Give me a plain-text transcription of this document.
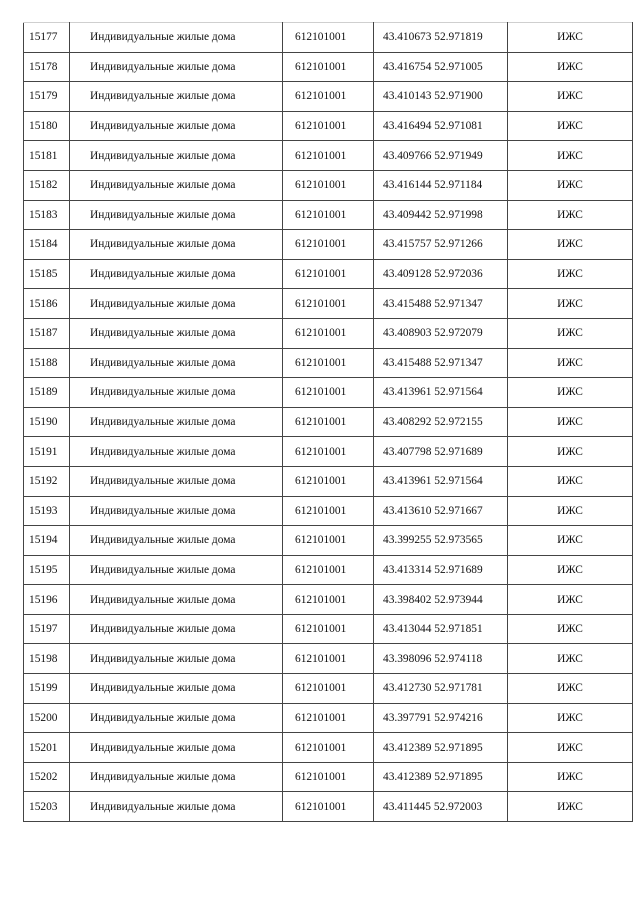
15177	Индивидуальные жилые дома	612101001	43.410673 52.971819	ИЖС
15178	Индивидуальные жилые дома	612101001	43.416754 52.971005	ИЖС
15179	Индивидуальные жилые дома	612101001	43.410143 52.971900	ИЖС
15180	Индивидуальные жилые дома	612101001	43.416494 52.971081	ИЖС
15181	Индивидуальные жилые дома	612101001	43.409766 52.971949	ИЖС
15182	Индивидуальные жилые дома	612101001	43.416144 52.971184	ИЖС
15183	Индивидуальные жилые дома	612101001	43.409442 52.971998	ИЖС
15184	Индивидуальные жилые дома	612101001	43.415757 52.971266	ИЖС
15185	Индивидуальные жилые дома	612101001	43.409128 52.972036	ИЖС
15186	Индивидуальные жилые дома	612101001	43.415488 52.971347	ИЖС
15187	Индивидуальные жилые дома	612101001	43.408903 52.972079	ИЖС
15188	Индивидуальные жилые дома	612101001	43.415488 52.971347	ИЖС
15189	Индивидуальные жилые дома	612101001	43.413961 52.971564	ИЖС
15190	Индивидуальные жилые дома	612101001	43.408292 52.972155	ИЖС
15191	Индивидуальные жилые дома	612101001	43.407798 52.971689	ИЖС
15192	Индивидуальные жилые дома	612101001	43.413961 52.971564	ИЖС
15193	Индивидуальные жилые дома	612101001	43.413610 52.971667	ИЖС
15194	Индивидуальные жилые дома	612101001	43.399255 52.973565	ИЖС
15195	Индивидуальные жилые дома	612101001	43.413314 52.971689	ИЖС
15196	Индивидуальные жилые дома	612101001	43.398402 52.973944	ИЖС
15197	Индивидуальные жилые дома	612101001	43.413044 52.971851	ИЖС
15198	Индивидуальные жилые дома	612101001	43.398096 52.974118	ИЖС
15199	Индивидуальные жилые дома	612101001	43.412730 52.971781	ИЖС
15200	Индивидуальные жилые дома	612101001	43.397791 52.974216	ИЖС
15201	Индивидуальные жилые дома	612101001	43.412389 52.971895	ИЖС
15202	Индивидуальные жилые дома	612101001	43.412389 52.971895	ИЖС
15203	Индивидуальные жилые дома	612101001	43.411445 52.972003	ИЖС
